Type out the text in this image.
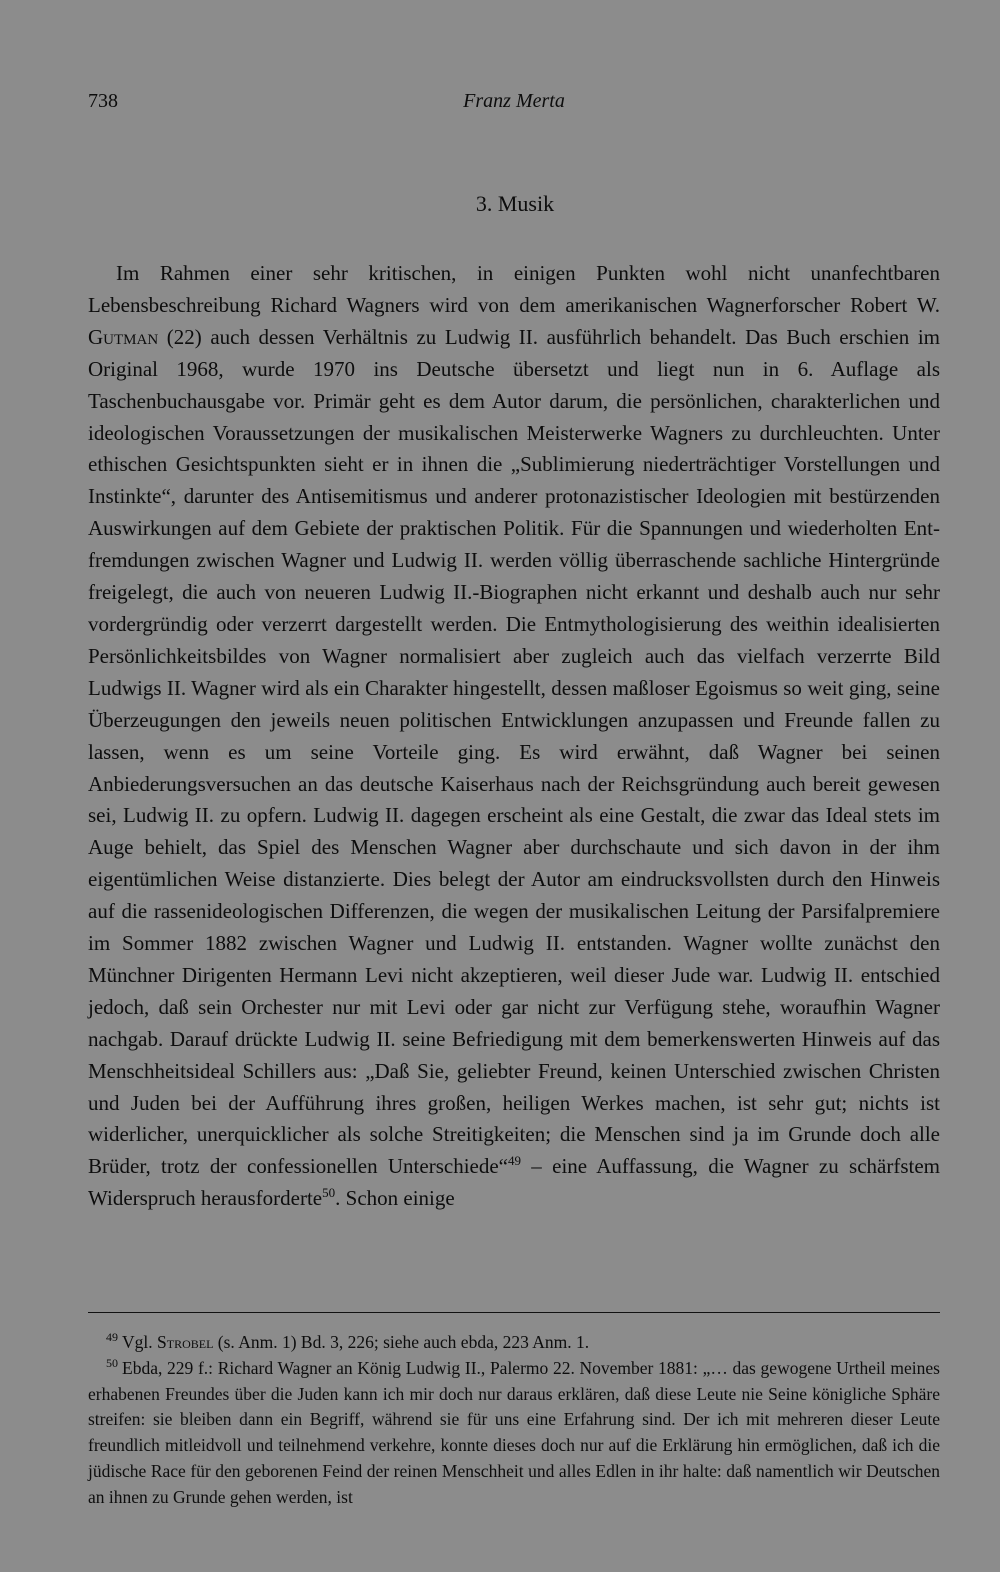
738	Franz Merta
3. Musik

Im Rahmen einer sehr kritischen, in einigen Punkten wohl nicht unanfechtbaren Lebensbeschreibung Richard Wagners wird von dem amerikanischen Wagnerforscher Robert W. Gutman (22) auch dessen Verhältnis zu Ludwig II. ausführlich behandelt. Das Buch erschien im Original 1968, wurde 1970 ins Deutsche übersetzt und liegt nun in 6. Auflage als Taschenbuchausgabe vor. Primär geht es dem Autor darum, die persönlichen, charakterlichen und ideologischen Voraussetzungen der musikalischen Meisterwerke Wagners zu durchleuchten. Unter ethischen Gesichtspunkten sieht er in ihnen die „Sublimierung niederträchtiger Vorstellungen und Instinkte“, darunter des Antisemitismus und anderer protonazistischer Ideologien mit bestürzenden Auswirkungen auf dem Gebiete der praktischen Politik. Für die Spannungen und wiederholten Entfremdungen zwischen Wagner und Ludwig II. werden völlig überraschende sachliche Hintergründe freigelegt, die auch von neueren Ludwig II.-Biographen nicht erkannt und deshalb auch nur sehr vordergründig oder verzerrt dargestellt werden. Die Entmythologisierung des weithin idealisierten Persönlichkeitsbildes von Wagner normalisiert aber zugleich auch das vielfach verzerrte Bild Ludwigs II. Wagner wird als ein Charakter hingestellt, dessen maßloser Egoismus so weit ging, seine Überzeugungen den jeweils neuen politischen Entwicklungen anzupassen und Freunde fallen zu lassen, wenn es um seine Vorteile ging. Es wird erwähnt, daß Wagner bei seinen Anbiederungsversuchen an das deutsche Kaiserhaus nach der Reichsgründung auch bereit gewesen sei, Ludwig II. zu opfern. Ludwig II. dagegen erscheint als eine Gestalt, die zwar das Ideal stets im Auge behielt, das Spiel des Menschen Wagner aber durchschaute und sich davon in der ihm eigentümlichen Weise distanzierte. Dies belegt der Autor am eindrucksvollsten durch den Hinweis auf die rassenideologischen Differenzen, die wegen der musikalischen Leitung der Parsifalpremiere im Sommer 1882 zwischen Wagner und Ludwig II. entstanden. Wagner wollte zunächst den Münchner Dirigenten Hermann Levi nicht akzeptieren, weil dieser Jude war. Ludwig II. entschied jedoch, daß sein Orchester nur mit Levi oder gar nicht zur Verfügung stehe, woraufhin Wagner nachgab. Darauf drückte Ludwig II. seine Befriedigung mit dem bemerkenswerten Hinweis auf das Menschheitsideal Schillers aus: „Daß Sie, geliebter Freund, keinen Unterschied zwischen Christen und Juden bei der Aufführung ihres großen, heiligen Werkes machen, ist sehr gut; nichts ist widerlicher, unerquicklicher als solche Streitigkeiten; die Menschen sind ja im Grunde doch alle Brüder, trotz der confessionellen Unterschiede“$^{49}$ – eine Auffassung, die Wagner zu schärfstem Widerspruch herausforderte$^{50}$. Schon einige

$^{49}$ Vgl. Strobel (s. Anm. 1) Bd. 3, 226; siehe auch ebda, 223 Anm. 1.

$^{50}$ Ebda, 229 f.: Richard Wagner an König Ludwig II., Palermo 22. November 1881: „… das gewogene Urtheil meines erhabenen Freundes über die Juden kann ich mir doch nur daraus erklären, daß diese Leute nie Seine königliche Sphäre streifen: sie bleiben dann ein Begriff, während sie für uns eine Erfahrung sind. Der ich mit mehreren dieser Leute freundlich mitleidvoll und teilnehmend verkehre, konnte dieses doch nur auf die Erklärung hin ermöglichen, daß ich die jüdische Race für den geborenen Feind der reinen Menschheit und alles Edlen in ihr halte: daß namentlich wir Deutschen an ihnen zu Grunde gehen werden, ist
